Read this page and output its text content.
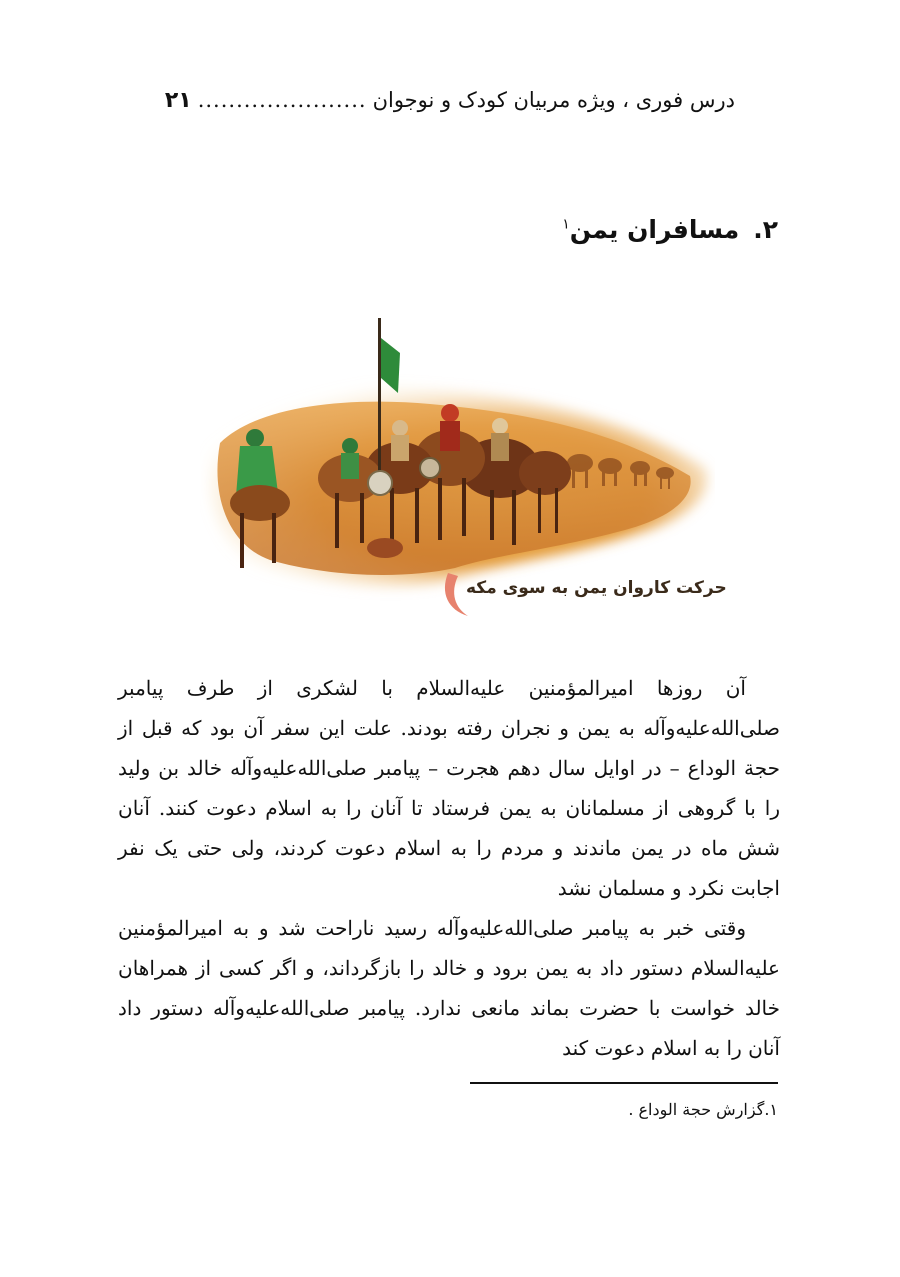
درس فوری ، ویژه مربیان کودک و نوجوان
......................
۲۱
۲.مسافران یمن$^۱$
حرکت کاروان یمن به سوی مکه

آن روزها امیرالمؤمنین علیه‌السلام با لشکری از طرف پیامبر صلی‌الله‌علیه‌وآله به یمن و نجران رفته بودند. علت این سفر آن بود که قبل از حجة الوداع – در اوایل سال دهم هجرت – پیامبر صلی‌الله‌علیه‌وآله خالد بن ولید را با گروهی از مسلمانان به یمن فرستاد تا آنان را به اسلام دعوت کنند. آنان شش ماه در یمن ماندند و مردم را به اسلام دعوت کردند، ولی حتی یک نفر اجابت نکرد و مسلمان نشد

وقتی خبر به پیامبر صلی‌الله‌علیه‌وآله رسید ناراحت شد و به امیرالمؤمنین علیه‌السلام دستور داد به یمن برود و خالد را بازگرداند، و اگر کسی از همراهان خالد خواست با حضرت بماند مانعی ندارد. پیامبر صلی‌الله‌علیه‌وآله دستور داد آنان را به اسلام دعوت کند

۱.گزارش حجة الوداع .
